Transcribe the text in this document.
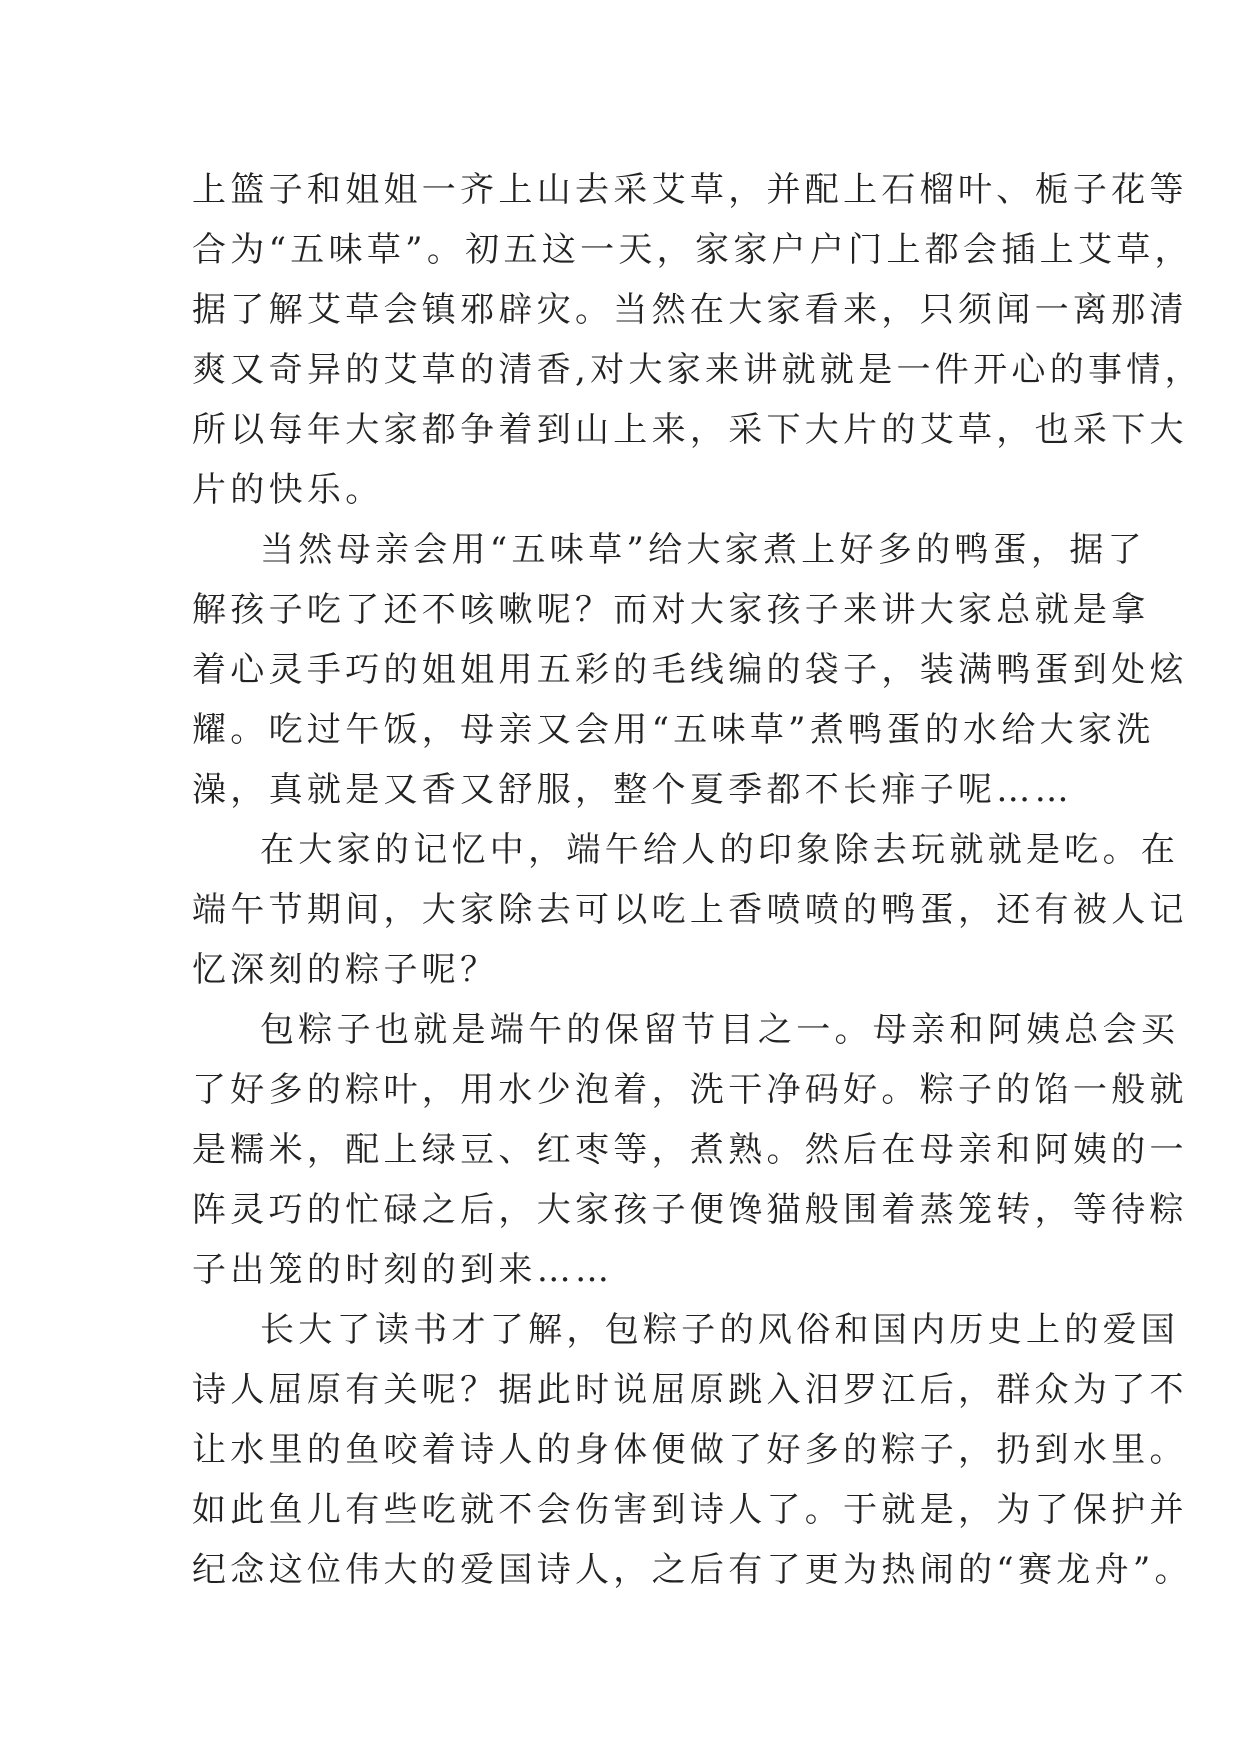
上篮子和姐姐一齐上山去采艾草，并配上石榴叶、栀子花等
合为“五味草”。初五这一天，家家户户门上都会插上艾草，
据了解艾草会镇邪辟灾。当然在大家看来，只须闻一离那清
爽又奇异的艾草的清香,对大家来讲就就是一件开心的事情，
所以每年大家都争着到山上来，采下大片的艾草，也采下大
片的快乐。
当然母亲会用“五味草”给大家煮上好多的鸭蛋，据了
解孩子吃了还不咳嗽呢？而对大家孩子来讲大家总就是拿
着心灵手巧的姐姐用五彩的毛线编的袋子，装满鸭蛋到处炫
耀。吃过午饭，母亲又会用“五味草”煮鸭蛋的水给大家洗
澡，真就是又香又舒服，整个夏季都不长痱子呢……
在大家的记忆中，端午给人的印象除去玩就就是吃。在
端午节期间，大家除去可以吃上香喷喷的鸭蛋，还有被人记
忆深刻的粽子呢？
包粽子也就是端午的保留节目之一。母亲和阿姨总会买
了好多的粽叶，用水少泡着，洗干净码好。粽子的馅一般就
是糯米，配上绿豆、红枣等，煮熟。然后在母亲和阿姨的一
阵灵巧的忙碌之后，大家孩子便馋猫般围着蒸笼转，等待粽
子出笼的时刻的到来……
长大了读书才了解，包粽子的风俗和国内历史上的爱国
诗人屈原有关呢？据此时说屈原跳入汨罗江后，群众为了不
让水里的鱼咬着诗人的身体便做了好多的粽子，扔到水里。
如此鱼儿有些吃就不会伤害到诗人了。于就是，为了保护并
纪念这位伟大的爱国诗人，之后有了更为热闹的“赛龙舟”。
